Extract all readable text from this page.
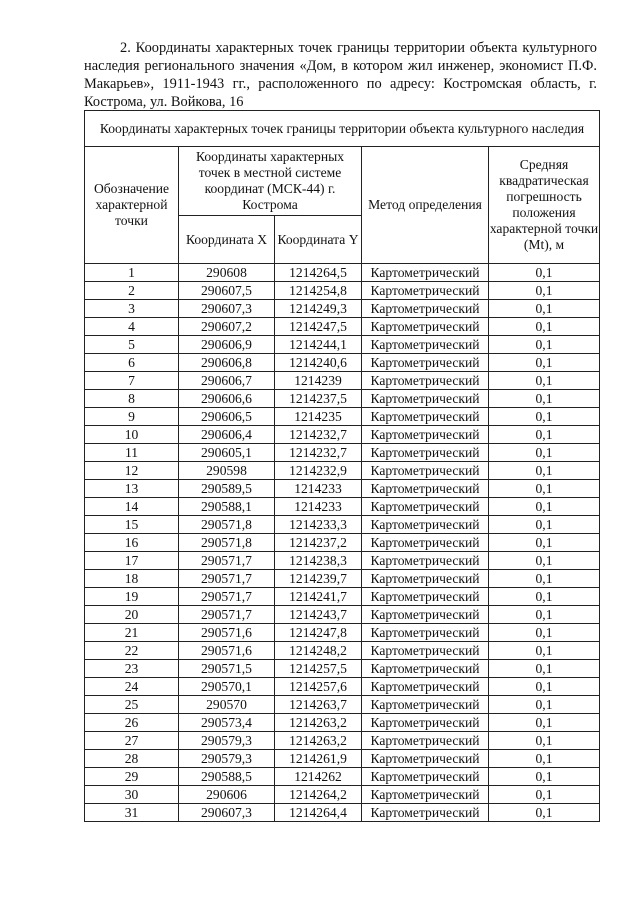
2. Координаты характерных точек границы территории объекта культурного наследия регионального значения «Дом, в котором жил инженер, экономист П.Ф. Макарьев», 1911-1943 гг., расположенного по адресу: Костромская область, г. Кострома, ул. Войкова, 16

Координаты характерных точек границы территории объекта культурного наследия				
Обозначение характерной точки	Координаты характерных точек в местной системе координат (МСК-44) г. Кострома		Метод определения	Средняя квадратическая погрешность положения характерной точки (Mt), м
	Координата X	Координата Y		
1	290608	1214264,5	Картометрический	0,1
2	290607,5	1214254,8	Картометрический	0,1
3	290607,3	1214249,3	Картометрический	0,1
4	290607,2	1214247,5	Картометрический	0,1
5	290606,9	1214244,1	Картометрический	0,1
6	290606,8	1214240,6	Картометрический	0,1
7	290606,7	1214239	Картометрический	0,1
8	290606,6	1214237,5	Картометрический	0,1
9	290606,5	1214235	Картометрический	0,1
10	290606,4	1214232,7	Картометрический	0,1
11	290605,1	1214232,7	Картометрический	0,1
12	290598	1214232,9	Картометрический	0,1
13	290589,5	1214233	Картометрический	0,1
14	290588,1	1214233	Картометрический	0,1
15	290571,8	1214233,3	Картометрический	0,1
16	290571,8	1214237,2	Картометрический	0,1
17	290571,7	1214238,3	Картометрический	0,1
18	290571,7	1214239,7	Картометрический	0,1
19	290571,7	1214241,7	Картометрический	0,1
20	290571,7	1214243,7	Картометрический	0,1
21	290571,6	1214247,8	Картометрический	0,1
22	290571,6	1214248,2	Картометрический	0,1
23	290571,5	1214257,5	Картометрический	0,1
24	290570,1	1214257,6	Картометрический	0,1
25	290570	1214263,7	Картометрический	0,1
26	290573,4	1214263,2	Картометрический	0,1
27	290579,3	1214263,2	Картометрический	0,1
28	290579,3	1214261,9	Картометрический	0,1
29	290588,5	1214262	Картометрический	0,1
30	290606	1214264,2	Картометрический	0,1
31	290607,3	1214264,4	Картометрический	0,1
